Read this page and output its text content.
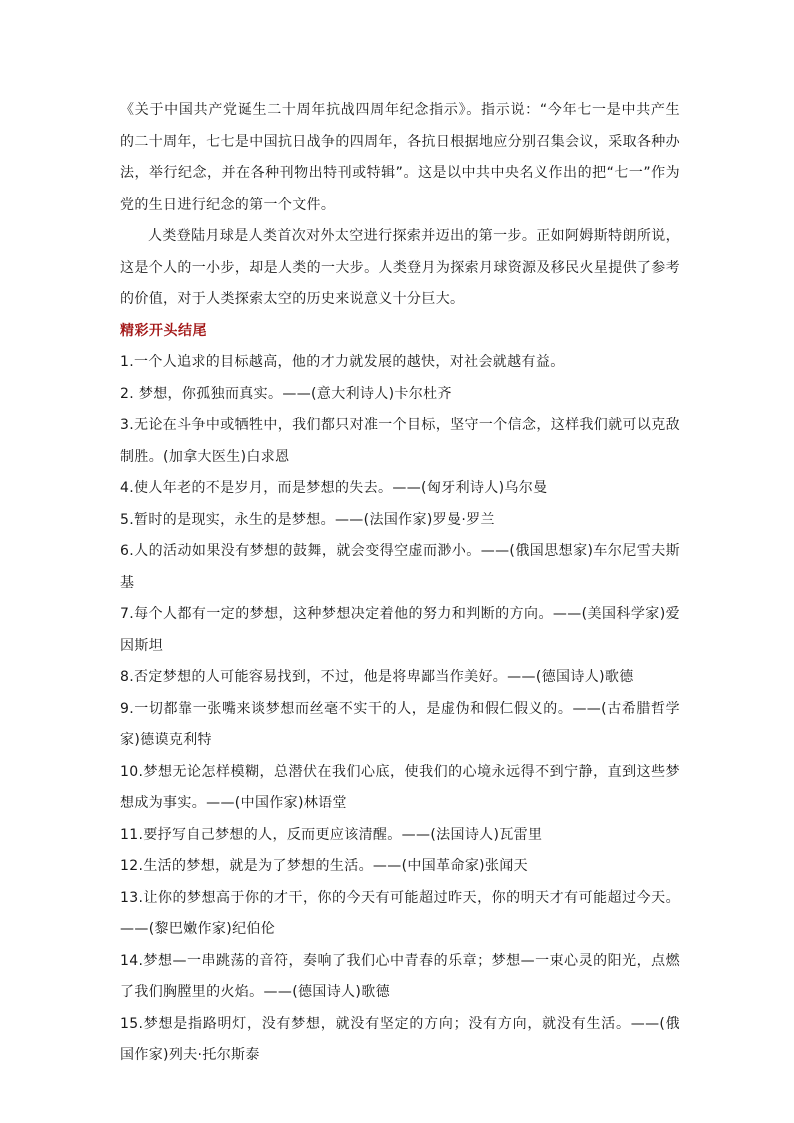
《关于中国共产党诞生二十周年抗战四周年纪念指示》。指示说：“今年七一是中共产生的二十周年，七七是中国抗日战争的四周年，各抗日根据地应分别召集会议，采取各种办法，举行纪念，并在各种刊物出特刊或特辑”。这是以中共中央名义作出的把“七一”作为党的生日进行纪念的第一个文件。

人类登陆月球是人类首次对外太空进行探索并迈出的第一步。正如阿姆斯特朗所说，这是个人的一小步，却是人类的一大步。人类登月为探索月球资源及移民火星提供了参考的价值，对于人类探索太空的历史来说意义十分巨大。

精彩开头结尾
1.一个人追求的目标越高，他的才力就发展的越快，对社会就越有益。
2. 梦想，你孤独而真实。——(意大利诗人)卡尔杜齐
3.无论在斗争中或牺牲中，我们都只对准一个目标，坚守一个信念，这样我们就可以克敌制胜。(加拿大医生)白求恩
4.使人年老的不是岁月，而是梦想的失去。——(匈牙利诗人)乌尔曼
5.暂时的是现实，永生的是梦想。——(法国作家)罗曼·罗兰
6.人的活动如果没有梦想的鼓舞，就会变得空虚而渺小。——(俄国思想家)车尔尼雪夫斯基
7.每个人都有一定的梦想，这种梦想决定着他的努力和判断的方向。——(美国科学家)爱因斯坦
8.否定梦想的人可能容易找到，不过，他是将卑鄙当作美好。——(德国诗人)歌德
9.一切都靠一张嘴来谈梦想而丝毫不实干的人，是虚伪和假仁假义的。——(古希腊哲学家)德谟克利特
10.梦想无论怎样模糊，总潜伏在我们心底，使我们的心境永远得不到宁静，直到这些梦想成为事实。——(中国作家)林语堂
11.要抒写自己梦想的人，反而更应该清醒。——(法国诗人)瓦雷里
12.生活的梦想，就是为了梦想的生活。——(中国革命家)张闻天
13.让你的梦想高于你的才干，你的今天有可能超过昨天，你的明天才有可能超过今天。——(黎巴嫩作家)纪伯伦
14.梦想—一串跳荡的音符，奏响了我们心中青春的乐章；梦想—一束心灵的阳光，点燃了我们胸膛里的火焰。——(德国诗人)歌德
15.梦想是指路明灯，没有梦想，就没有坚定的方向；没有方向，就没有生活。——(俄国作家)列夫·托尔斯泰
